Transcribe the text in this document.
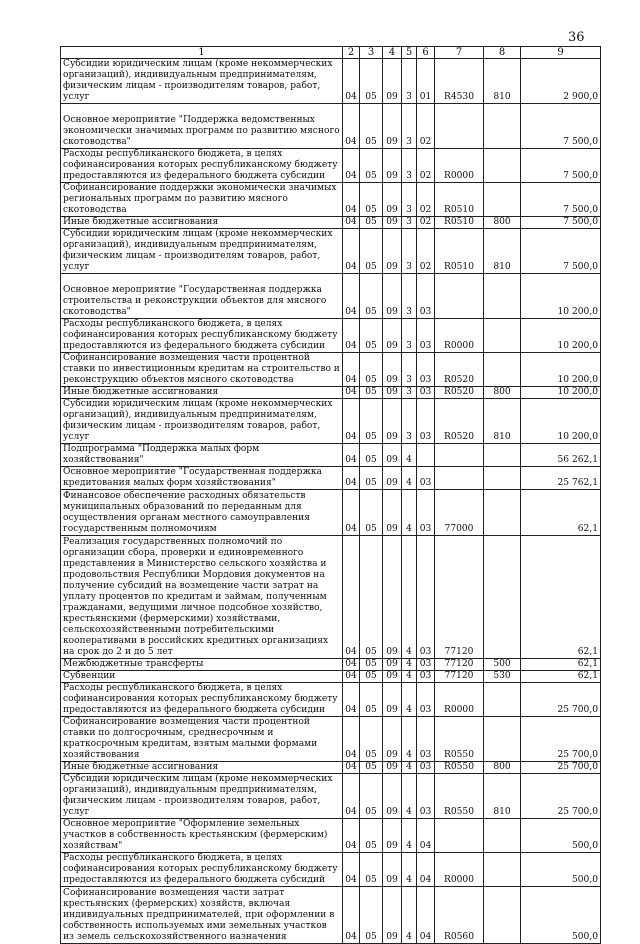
36
1	2	3	4	5	6	7	8	9
Субсидии юридическим лицам (кроме некоммерческих организаций), индивидуальным предпринимателям, физическим лицам - производителям товаров, работ, услуг	04	05	09	3	01	R4530	810	2 900,0
Основное мероприятие "Поддержка ведомственных экономически значимых программ по развитию мясного скотоводства"	04	05	09	3	02			7 500,0
Расходы республиканского бюджета, в целях софинансирования которых республиканскому бюджету предоставляются из федерального бюджета субсидии	04	05	09	3	02	R0000		7 500,0
Софинансирование поддержки экономически значимых региональных программ по развитию мясного скотоводства	04	05	09	3	02	R0510		7 500,0
Иные бюджетные ассигнования	04	05	09	3	02	R0510	800	7 500,0
Субсидии юридическим лицам (кроме некоммерческих организаций), индивидуальным предпринимателям, физическим лицам - производителям товаров, работ, услуг	04	05	09	3	02	R0510	810	7 500,0
Основное мероприятие "Государственная поддержка строительства и реконструкции объектов для мясного скотоводства"	04	05	09	3	03			10 200,0
Расходы республиканского бюджета, в целях софинансирования которых республиканскому бюджету предоставляются из федерального бюджета субсидии	04	05	09	3	03	R0000		10 200,0
Софинансирование возмещения части процентной ставки по инвестиционным кредитам на строительство и реконструкцию объектов мясного скотоводства	04	05	09	3	03	R0520		10 200,0
Иные бюджетные ассигнования	04	05	09	3	03	R0520	800	10 200,0
Субсидии юридическим лицам (кроме некоммерческих организаций), индивидуальным предпринимателям, физическим лицам - производителям товаров, работ, услуг	04	05	09	3	03	R0520	810	10 200,0
Подпрограмма "Поддержка малых форм хозяйствования"	04	05	09	4				56 262,1
Основное мероприятие "Государственная поддержка кредитования малых форм хозяйствования"	04	05	09	4	03			25 762,1
Финансовое обеспечение расходных обязательств муниципальных образований по переданным для осуществления органам местного самоуправления государственным полномочиям	04	05	09	4	03	77000		62,1
Реализация государственных полномочий по организации сбора, проверки и единовременного представления в Министерство сельского хозяйства и продовольствия Республики Мордовия документов на получение субсидий на возмещение части затрат на уплату процентов по кредитам и займам, полученным гражданами, ведущими личное подсобное хозяйство, крестьянскими (фермерскими) хозяйствами, сельскохозяйственными потребительскими кооперативами в российских кредитных организациях на срок до 2 и до 5 лет	04	05	09	4	03	77120		62,1
Межбюджетные трансферты	04	05	09	4	03	77120	500	62,1
Субвенции	04	05	09	4	03	77120	530	62,1
Расходы республиканского бюджета, в целях софинансирования которых республиканскому бюджету предоставляются из федерального бюджета субсидии	04	05	09	4	03	R0000		25 700,0
Софинансирование возмещения части процентной ставки по долгосрочным, среднесрочным и краткосрочным кредитам, взятым малыми формами хозяйствования	04	05	09	4	03	R0550		25 700,0
Иные бюджетные ассигнования	04	05	09	4	03	R0550	800	25 700,0
Субсидии юридическим лицам (кроме некоммерческих организаций), индивидуальным предпринимателям, физическим лицам - производителям товаров, работ, услуг	04	05	09	4	03	R0550	810	25 700,0
Основное мероприятие "Оформление земельных участков в собственность крестьянским (фермерским) хозяйствам"	04	05	09	4	04			500,0
Расходы республиканского бюджета, в целях софинансирования которых республиканскому бюджету предоставляются из федерального бюджета субсидий	04	05	09	4	04	R0000		500,0
Софинансирование возмещения части затрат крестьянских (фермерских) хозяйств, включая индивидуальных предпринимателей, при оформлении в собственность используемых ими земельных участков из земель сельскохозяйственного назначения	04	05	09	4	04	R0560		500,0
